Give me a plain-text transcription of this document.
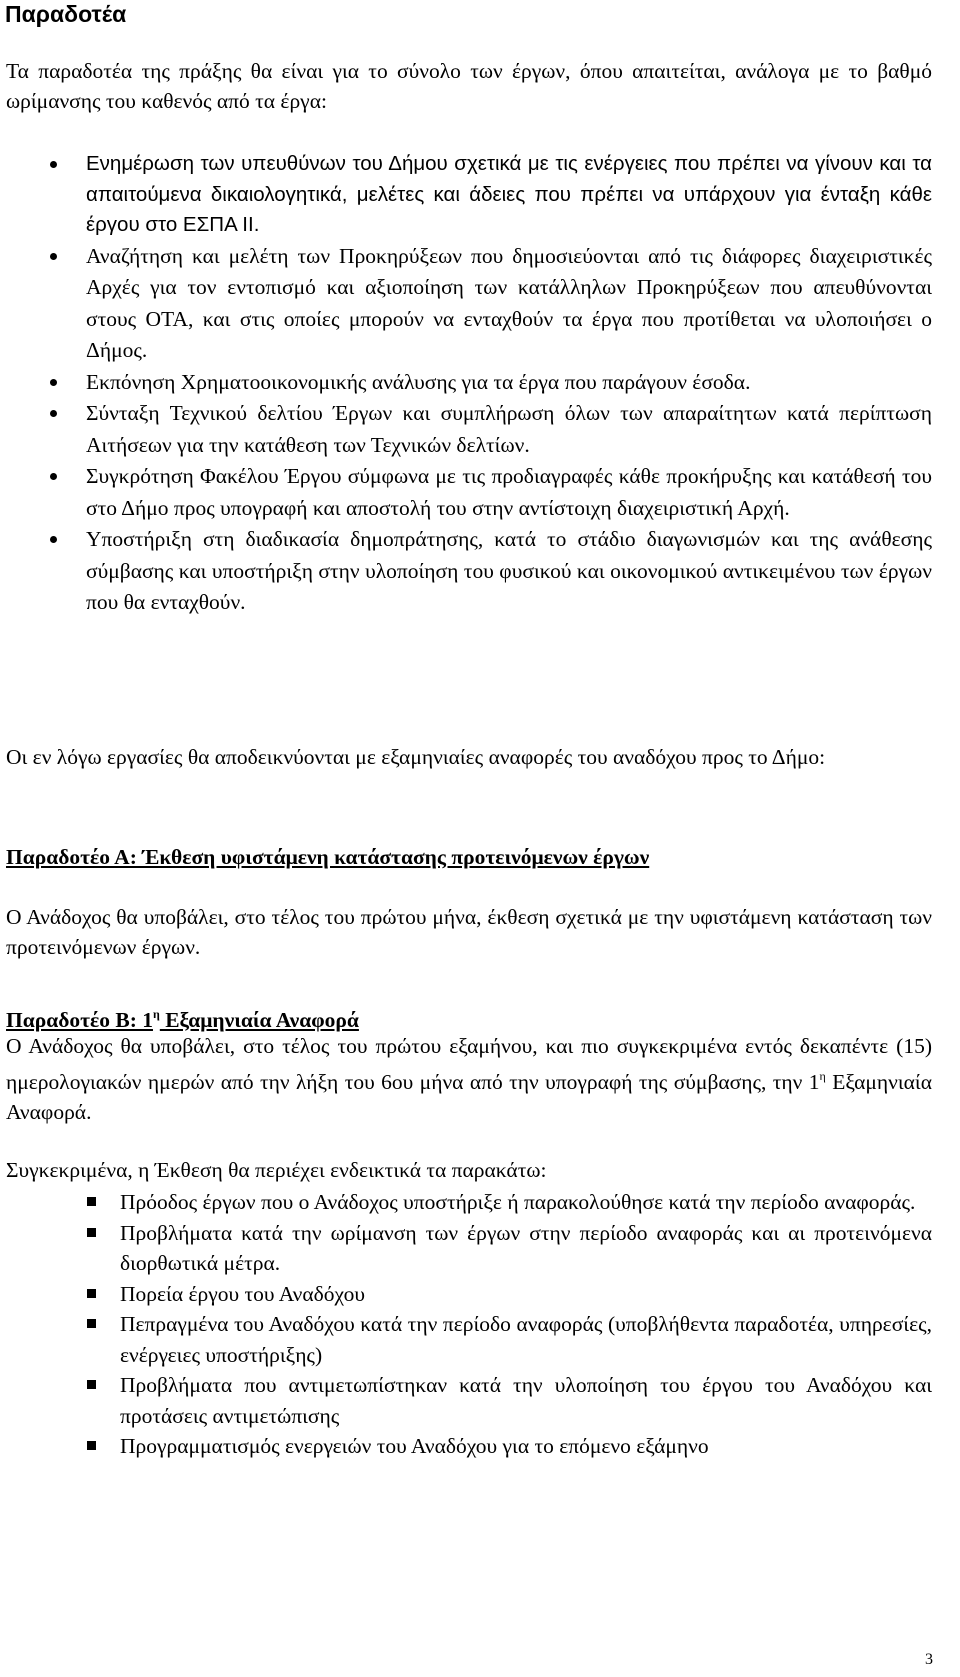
Παραδοτέα
Τα παραδοτέα της πράξης θα είναι για το σύνολο των έργων, όπου απαιτείται, ανάλογα με το βαθμό ωρίμανσης του καθενός από τα έργα:
Ενημέρωση των υπευθύνων του Δήμου σχετικά με τις ενέργειες που πρέπει να γίνουν και τα απαιτούμενα δικαιολογητικά, μελέτες και άδειες που πρέπει να υπάρχουν για ένταξη κάθε έργου στο ΕΣΠΑ ΙΙ.
Αναζήτηση και μελέτη των Προκηρύξεων που δημοσιεύονται από τις διάφορες διαχειριστικές Αρχές για τον εντοπισμό και αξιοποίηση των κατάλληλων Προκηρύξεων που απευθύνονται στους ΟΤΑ, και στις οποίες μπορούν να ενταχθούν τα έργα που προτίθεται να υλοποιήσει ο Δήμος.
Εκπόνηση Χρηματοοικονομικής ανάλυσης για τα έργα που παράγουν έσοδα.
Σύνταξη Τεχνικού δελτίου Έργων και συμπλήρωση όλων των απαραίτητων κατά περίπτωση Αιτήσεων για την κατάθεση των Τεχνικών δελτίων.
Συγκρότηση Φακέλου Έργου σύμφωνα με τις προδιαγραφές κάθε προκήρυξης και κατάθεσή του στο Δήμο προς υπογραφή και αποστολή του στην αντίστοιχη διαχειριστική Αρχή.
Υποστήριξη στη διαδικασία δημοπράτησης, κατά το στάδιο διαγωνισμών και της ανάθεσης σύμβασης και υποστήριξη στην υλοποίηση του φυσικού και οικονομικού αντικειμένου των έργων που θα ενταχθούν.
Οι εν λόγω εργασίες θα αποδεικνύονται με εξαμηνιαίες αναφορές του αναδόχου προς το Δήμο:
Παραδοτέο Α: Έκθεση υφιστάμενη κατάστασης προτεινόμενων έργων
Ο Ανάδοχος θα υποβάλει, στο τέλος του πρώτου μήνα, έκθεση σχετικά με την υφιστάμενη κατάσταση των προτεινόμενων έργων.
Παραδοτέο Β: $1^\eta$ Εξαμηνιαία Αναφορά
Ο Ανάδοχος θα υποβάλει, στο τέλος του πρώτου εξαμήνου, και πιο συγκεκριμένα εντός δεκαπέντε (15) ημερολογιακών ημερών από την λήξη του 6ου μήνα από την υπογραφή της σύμβασης, την $1^\eta$ Εξαμηνιαία Αναφορά.
Συγκεκριμένα, η Έκθεση θα περιέχει ενδεικτικά τα παρακάτω:
Πρόοδος έργων που ο Ανάδοχος υποστήριξε ή παρακολούθησε κατά την περίοδο αναφοράς.
Προβλήματα κατά την ωρίμανση των έργων στην περίοδο αναφοράς και αι προτεινόμενα διορθωτικά μέτρα.
Πορεία έργου του Αναδόχου
Πεπραγμένα του Αναδόχου κατά την περίοδο αναφοράς (υποβλήθεντα παραδοτέα, υπηρεσίες, ενέργειες υποστήριξης)
Προβλήματα που αντιμετωπίστηκαν κατά την υλοποίηση του έργου του Αναδόχου και προτάσεις αντιμετώπισης
Προγραμματισμός ενεργειών του Αναδόχου για το επόμενο εξάμηνο
3
